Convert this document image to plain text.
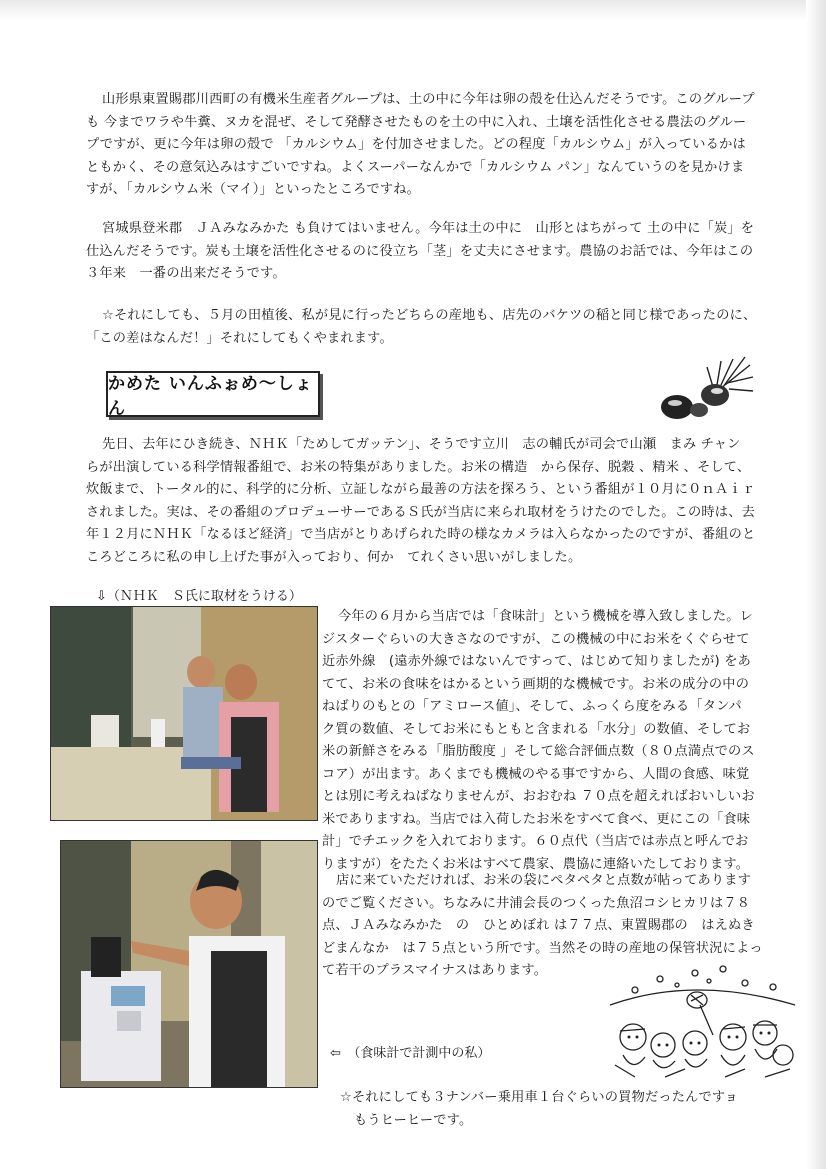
山形県東置賜郡川西町の有機米生産者グループは、土の中に今年は卵の殻を仕込んだそうです。このグループ
も 今までワラや牛糞、ヌカを混ぜ、そして発酵させたものを土の中に入れ、土壌を活性化させる農法のグルー
プですが、更に今年は卵の殻で 「カルシウム」を付加させました。どの程度「カルシウム」が入っているかは
ともかく、その意気込みはすごいですね。よくスーパーなんかで「カルシウム パン」なんていうのを見かけま
すが、「カルシウム米（マイ）」といったところですね。
宮城県登米郡　ＪＡみなみかた も負けてはいません。今年は土の中に　山形とはちがって 土の中に「炭」を
仕込んだそうです。炭も土壌を活性化させるのに役立ち「茎」を丈夫にさせます。農協のお話では、今年はこの
３年来　一番の出来だそうです。
☆それにしても、５月の田植後、私が見に行ったどちらの産地も、店先のバケツの稲と同じ様であったのに、
「この差はなんだ！」それにしてもくやまれます。
かめた いんふぉめ～しょん
先日、去年にひき続き、ＮＨＫ「ためしてガッテン」、そうです立川　志の輔氏が司会で山瀬　まみ チャン
らが出演している科学情報番組で、お米の特集がありました。お米の構造　から保存、脱穀 、精米 、そして、
炊飯まで、トータル的に、科学的に分析、立証しながら最善の方法を探ろう、という番組が１０月に０ｎＡｉｒ
されました。実は、その番組のプロデューサーであるＳ氏が当店に来られ取材をうけたのでした。この時は、去
年１２月にＮＨＫ「なるほど経済」で当店がとりあげられた時の様なカメラは入らなかったのですが、番組のと
ころどころに私の申し上げた事が入っており、何か　てれくさい思いがしました。
⇩（ＮＨＫ　Ｓ氏に取材をうける）
今年の６月から当店では「食味計」という機械を導入致しました。レ
ジスターぐらいの大きさなのですが、この機械の中にお米をくぐらせて
近赤外線　(遠赤外線ではないんですって、はじめて知りましたが) をあ
てて、お米の食味をはかるという画期的な機械です。お米の成分の中の
ねばりのもとの「アミロース値」、そして、ふっくら度をみる「タンパ
ク質の数値、そしてお米にもともと含まれる「水分」の数値、そしてお
米の新鮮さをみる「脂肪酸度 」そして総合評価点数（８０点満点でのス
コア）が出ます。あくまでも機械のやる事ですから、人間の食感、味覚
とは別に考えねばなりませんが、おおむね ７０点を超えればおいしいお
米でありますね。当店では入荷したお米をすべて食べ、更にこの「食味
計」でチエックを入れております。６０点代（当店では赤点と呼んでお
りますが）をたたくお米はすべて農家、農協に連絡いたしております。
店に来ていただければ、お米の袋にペタペタと点数が帖ってあります
のでご覧ください。ちなみに井浦会長のつくった魚沼コシヒカリは７８
点、ＪＡみなみかた　の　ひとめぼれ は７７点、東置賜郡の　はえぬき
どまんなか　は７５点という所です。当然その時の産地の保管状況によっ
て若干のプラスマイナスはあります。
⇦　（食味計で計測中の私）
☆それにしても３ナンバー乗用車１台ぐらいの買物だったんですョ
もうヒーヒーです。
